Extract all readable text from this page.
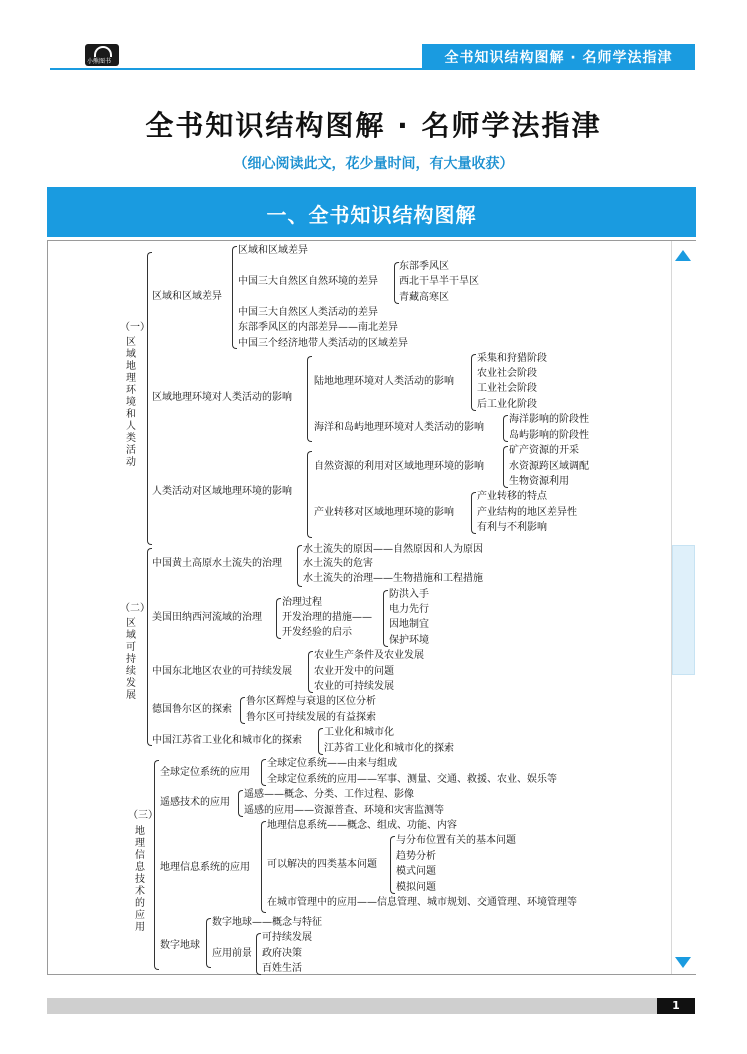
小熊图书	全书知识结构图解 · 名师学法指津
全书知识结构图解 · 名师学法指津
（细心阅读此文，花少量时间，有大量收获）
一、全书知识结构图解
（一）
区域地理环境和人类活动
区域和区域差异
区域和区域差异
中国三大自然区自然环境的差异
中国三大自然区人类活动的差异
东部季风区的内部差异——南北差异
中国三个经济地带人类活动的区域差异
东部季风区
西北干旱半干旱区
青藏高寒区
区域地理环境对人类活动的影响
陆地地理环境对人类活动的影响
采集和狩猎阶段
农业社会阶段
工业社会阶段
后工业化阶段
海洋和岛屿地理环境对人类活动的影响
海洋影响的阶段性
岛屿影响的阶段性
人类活动对区域地理环境的影响
自然资源的利用对区域地理环境的影响
矿产资源的开采
水资源跨区域调配
生物资源利用
产业转移对区域地理环境的影响
产业转移的特点
产业结构的地区差异性
有利与不利影响
（二）
区域可持续发展
中国黄土高原水土流失的治理
水土流失的原因——自然原因和人为原因
水土流失的危害
水土流失的治理——生物措施和工程措施
美国田纳西河流域的治理
治理过程
开发治理的措施——
开发经验的启示
防洪入手
电力先行
因地制宜
保护环境
中国东北地区农业的可持续发展
农业生产条件及农业发展
农业开发中的问题
农业的可持续发展
德国鲁尔区的探索
鲁尔区辉煌与衰退的区位分析
鲁尔区可持续发展的有益探索
中国江苏省工业化和城市化的探索
工业化和城市化
江苏省工业化和城市化的探索
（三）
地理信息技术的应用
全球定位系统的应用
全球定位系统——由来与组成
全球定位系统的应用——军事、测量、交通、救援、农业、娱乐等
遥感技术的应用
遥感——概念、分类、工作过程、影像
遥感的应用——资源普查、环境和灾害监测等
地理信息系统的应用
地理信息系统——概念、组成、功能、内容
可以解决的四类基本问题
在城市管理中的应用——信息管理、城市规划、交通管理、环境管理等
与分布位置有关的基本问题
趋势分析
模式问题
模拟问题
数字地球
数字地球——概念与特征
应用前景
可持续发展
政府决策
百姓生活
1
